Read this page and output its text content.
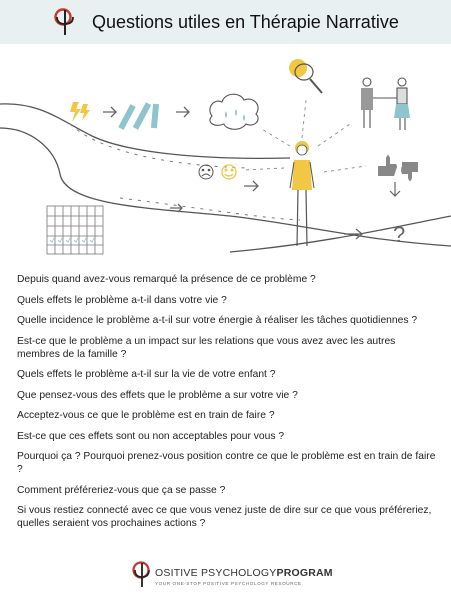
Questions utiles en Thérapie Narrative
?
Depuis quand avez-vous remarqué la présence de ce problème ?
Quels effets le problème a-t-il dans votre vie ?
Quelle incidence le problème a-t-il sur votre énergie à réaliser les tâches quotidiennes ?
Est-ce que le problème a un impact sur les relations que vous avez avec les autres membres de la famille ?
Quels effets le problème a-t-il sur la vie de votre enfant ?
Que pensez-vous des effets que le problème a sur votre vie ?
Acceptez-vous ce que le problème est en train de faire ?
Est-ce que ces effets sont ou non acceptables pour vous ?
Pourquoi ça ? Pourquoi prenez-vous position contre ce que le problème est en train de faire ?
Comment préféreriez-vous que ça se passe ?
Si vous restiez connecté avec ce que vous venez juste de dire sur ce que vous préféreriez, quelles seraient vos prochaines actions ?
OSITIVE PSYCHOLOGYPROGRAM
YOUR ONE-STOP POSITIVE PSYCHOLOGY RESOURCE
